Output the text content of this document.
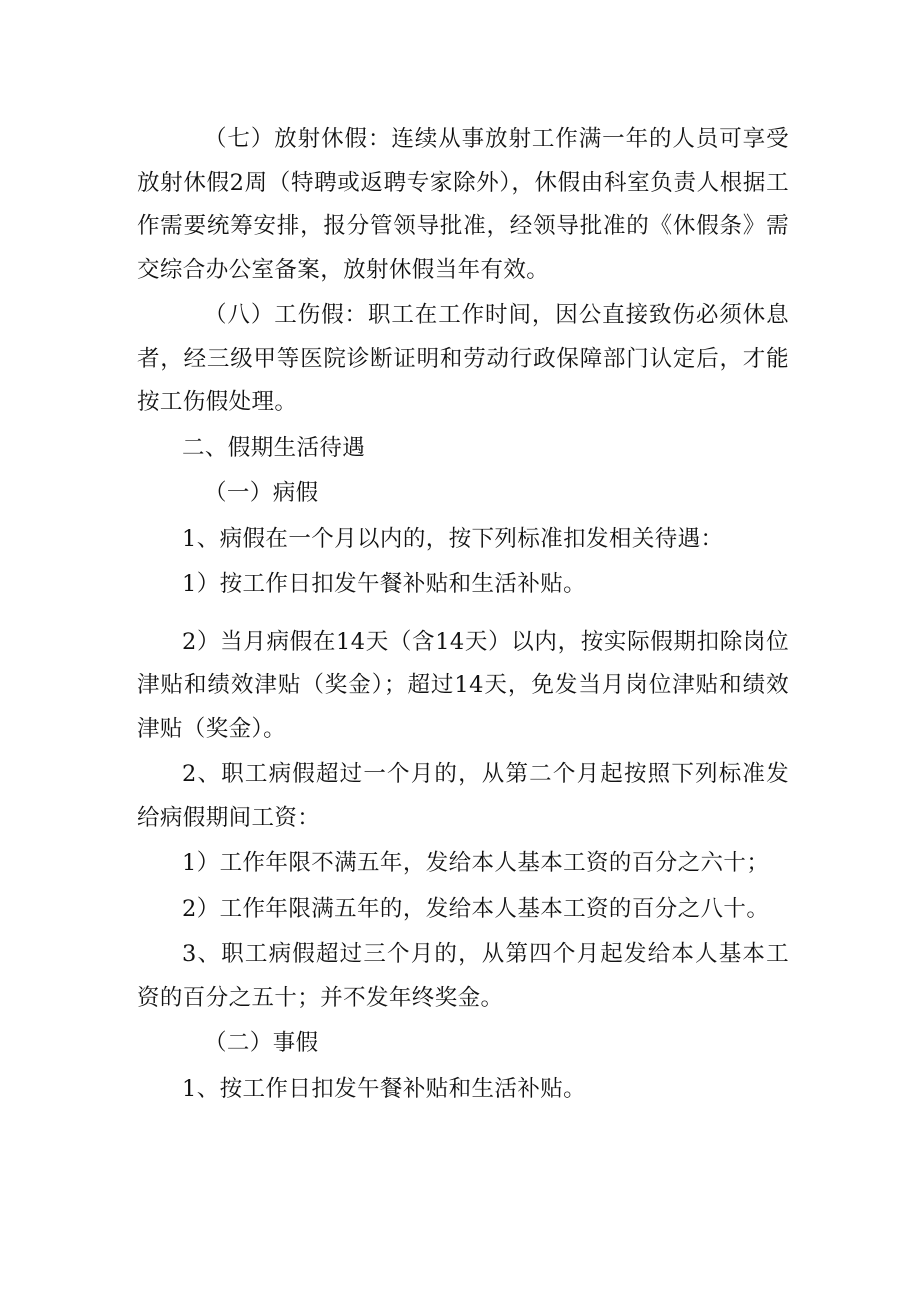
（七）放射休假：连续从事放射工作满一年的人员可享受放射休假2周（特聘或返聘专家除外），休假由科室负责人根据工作需要统筹安排，报分管领导批准，经领导批准的《休假条》需交综合办公室备案，放射休假当年有效。

（八）工伤假：职工在工作时间，因公直接致伤必须休息者，经三级甲等医院诊断证明和劳动行政保障部门认定后，才能按工伤假处理。

二、假期生活待遇

（一）病假

1、病假在一个月以内的，按下列标准扣发相关待遇：

1）按工作日扣发午餐补贴和生活补贴。

2）当月病假在14天（含14天）以内，按实际假期扣除岗位津贴和绩效津贴（奖金）；超过14天，免发当月岗位津贴和绩效津贴（奖金）。

2、职工病假超过一个月的，从第二个月起按照下列标准发给病假期间工资：

1）工作年限不满五年，发给本人基本工资的百分之六十；

2）工作年限满五年的，发给本人基本工资的百分之八十。

3、职工病假超过三个月的，从第四个月起发给本人基本工资的百分之五十；并不发年终奖金。

（二）事假

1、按工作日扣发午餐补贴和生活补贴。
